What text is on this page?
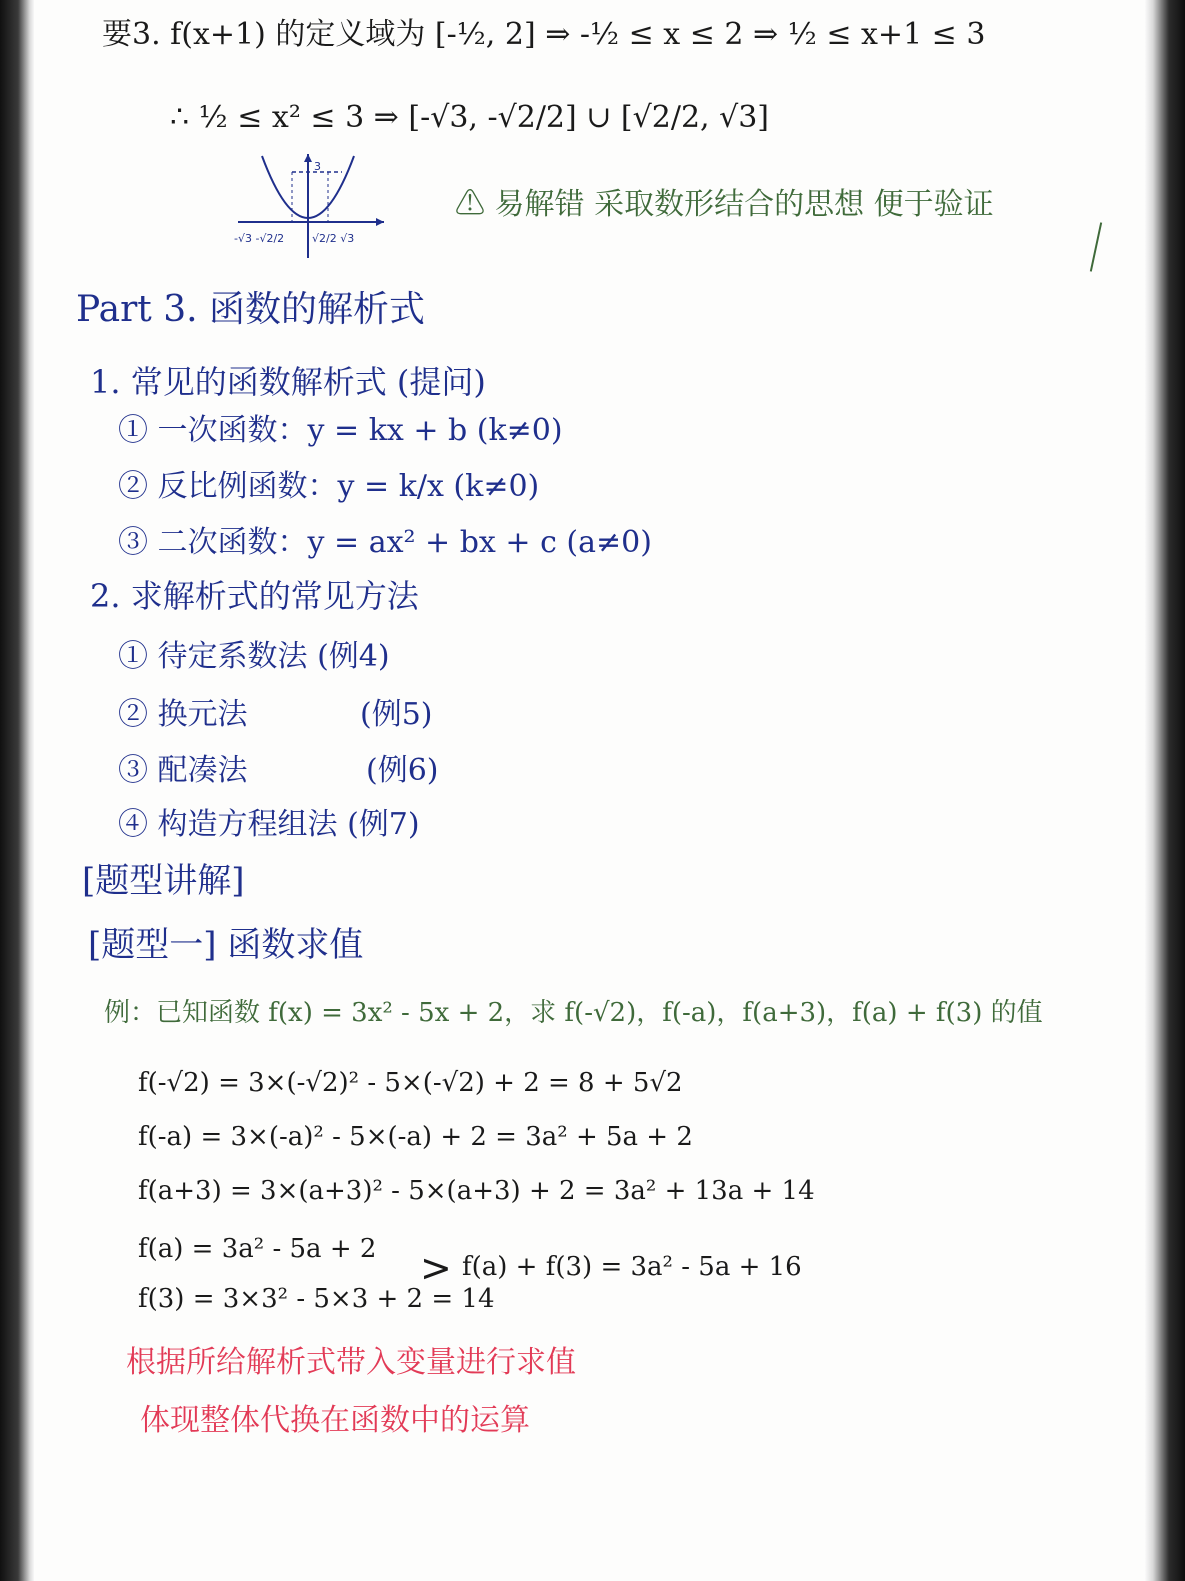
要3. f(x+1) 的定义域为 [-½, 2] ⇒ -½ ≤ x ≤ 2 ⇒ ½ ≤ x+1 ≤ 3
∴ ½ ≤ x² ≤ 3 ⇒ [-√3, -√2/2] ∪ [√2/2, √3]
3
-√3 -√2/2	√2/2 √3
⚠ 易解错 采取数形结合的思想 便于验证
Part 3. 函数的解析式
1. 常见的函数解析式 (提问)
① 一次函数：y = kx + b (k≠0)
② 反比例函数：y = k/x (k≠0)
③ 二次函数：y = ax² + bx + c (a≠0)
2. 求解析式的常见方法
① 待定系数法 (例4)
② 换元法	(例5)
③ 配凑法	(例6)
④ 构造方程组法 (例7)
[题型讲解]
[题型一] 函数求值
例：已知函数 f(x) = 3x² - 5x + 2，求 f(-√2)，f(-a)，f(a+3)，f(a) + f(3) 的值
f(-√2) = 3×(-√2)² - 5×(-√2) + 2 = 8 + 5√2
f(-a) = 3×(-a)² - 5×(-a) + 2 = 3a² + 5a + 2
f(a+3) = 3×(a+3)² - 5×(a+3) + 2 = 3a² + 13a + 14
f(a) = 3a² - 5a + 2
f(3) = 3×3² - 5×3 + 2 = 14
> f(a) + f(3) = 3a² - 5a + 16
根据所给解析式带入变量进行求值
体现整体代换在函数中的运算
